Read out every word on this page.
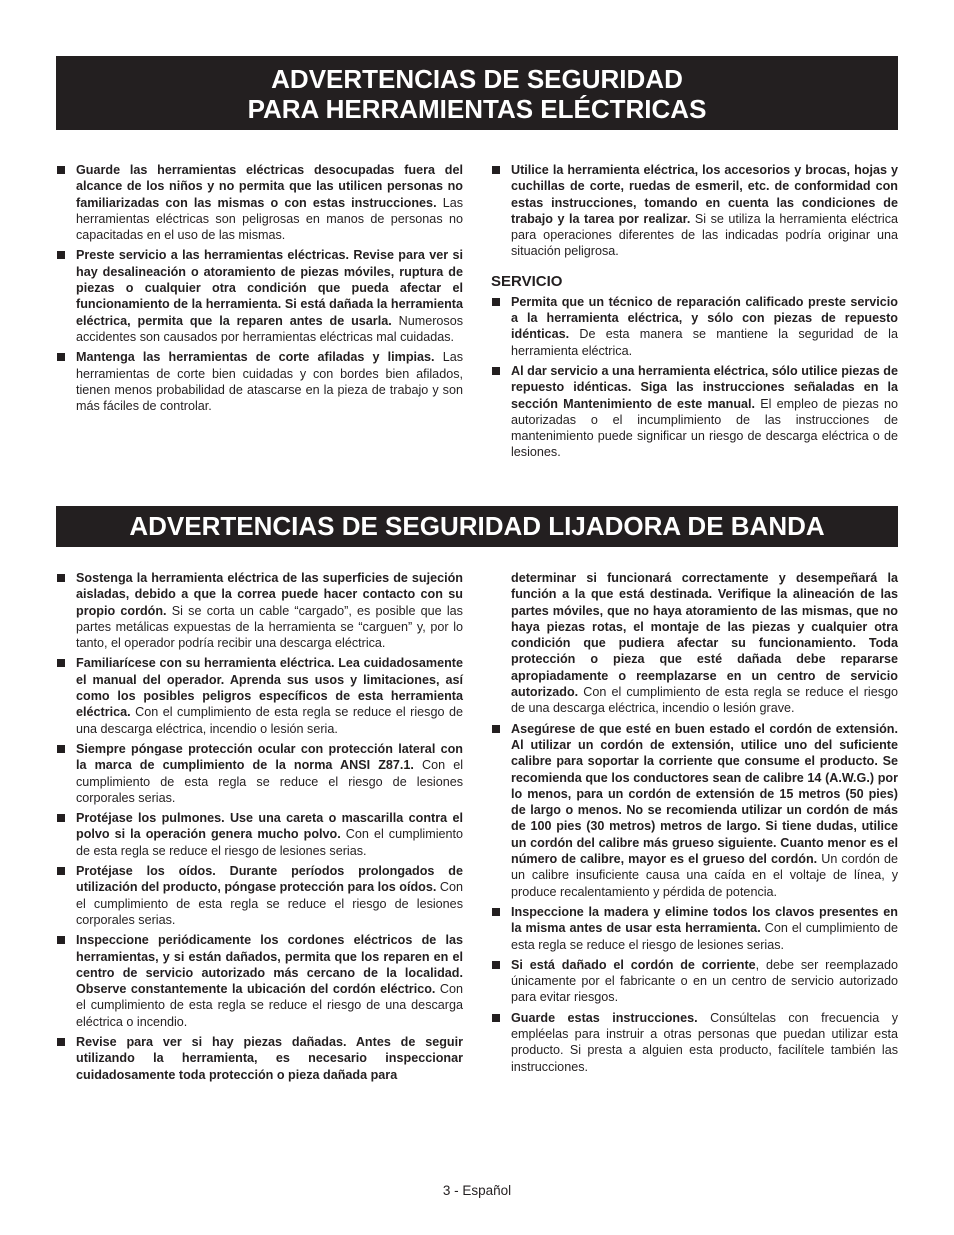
ADVERTENCIAS DE SEGURIDAD
PARA HERRAMIENTAS ELÉCTRICAS
Guarde las herramientas eléctricas desocupadas fuera del alcance de los niños y no permita que las utilicen personas no familiarizadas con las mismas o con estas instrucciones. Las herramientas eléctricas son peligrosas en manos de personas no capacitadas en el uso de las mismas.
Preste servicio a las herramientas eléctricas. Revise para ver si hay desalineación o atoramiento de piezas móviles, ruptura de piezas o cualquier otra condición que pueda afectar el funcionamiento de la herramienta. Si está dañada la herramienta eléctrica, permita que la reparen antes de usarla. Numerosos accidentes son causados por herramientas eléctricas mal cuidadas.
Mantenga las herramientas de corte afiladas y limpias. Las herramientas de corte bien cuidadas y con bordes bien afilados, tienen menos probabilidad de atascarse en la pieza de trabajo y son más fáciles de controlar.
Utilice la herramienta eléctrica, los accesorios y brocas, hojas y cuchillas de corte, ruedas de esmeril, etc. de conformidad con estas instrucciones, tomando en cuenta las condiciones de trabajo y la tarea por realizar. Si se utiliza la herramienta eléctrica para operaciones diferentes de las indicadas podría originar una situación peligrosa.
SERVICIO
Permita que un técnico de reparación calificado preste servicio a la herramienta eléctrica, y sólo con piezas de repuesto idénticas. De esta manera se mantiene la seguridad de la herramienta eléctrica.
Al dar servicio a una herramienta eléctrica, sólo utilice piezas de repuesto idénticas. Siga las instrucciones señaladas en la sección Mantenimiento de este manual. El empleo de piezas no autorizadas o el incumplimiento de las instrucciones de mantenimiento puede significar un riesgo de descarga eléctrica o de lesiones.
ADVERTENCIAS DE SEGURIDAD LIJADORA DE BANDA
Sostenga la herramienta eléctrica de las superficies de sujeción aisladas, debido a que la correa puede hacer contacto con su propio cordón. Si se corta un cable “cargado”, es posible que las partes metálicas expuestas de la herramienta se “carguen” y, por lo tanto, el operador podría recibir una descarga eléctrica.
Familiarícese con su herramienta eléctrica. Lea cuidadosamente el manual del operador. Aprenda sus usos y limitaciones, así como los posibles peligros específicos de esta herramienta eléctrica. Con el cumplimiento de esta regla se reduce el riesgo de una descarga eléctrica, incendio o lesión seria.
Siempre póngase protección ocular con protección lateral con la marca de cumplimiento de la norma ANSI Z87.1. Con el cumplimiento de esta regla se reduce el riesgo de lesiones corporales serias.
Protéjase los pulmones. Use una careta o mascarilla contra el polvo si la operación genera mucho polvo. Con el cumplimiento de esta regla se reduce el riesgo de lesiones serias.
Protéjase los oídos. Durante períodos prolongados de utilización del producto, póngase protección para los oídos. Con el cumplimiento de esta regla se reduce el riesgo de lesiones corporales serias.
Inspeccione periódicamente los cordones eléctricos de las herramientas, y si están dañados, permita que los reparen en el centro de servicio autorizado más cercano de la localidad. Observe constantemente la ubicación del cordón eléctrico. Con el cumplimiento de esta regla se reduce el riesgo de una descarga eléctrica o incendio.
Revise para ver si hay piezas dañadas. Antes de seguir utilizando la herramienta, es necesario inspeccionar cuidadosamente toda protección o pieza dañada para
determinar si funcionará correctamente y desempeñará la función a la que está destinada. Verifique la alineación de las partes móviles, que no haya atoramiento de las mismas, que no haya piezas rotas, el montaje de las piezas y cualquier otra condición que pudiera afectar su funcionamiento. Toda protección o pieza que esté dañada debe repararse apropiadamente o reemplazarse en un centro de servicio autorizado. Con el cumplimiento de esta regla se reduce el riesgo de una descarga eléctrica, incendio o lesión grave.
Asegúrese de que esté en buen estado el cordón de extensión. Al utilizar un cordón de extensión, utilice uno del suficiente calibre para soportar la corriente que consume el producto. Se recomienda que los conductores sean de calibre 14 (A.W.G.) por lo menos, para un cordón de extensión de 15 metros (50 pies) de largo o menos. No se recomienda utilizar un cordón de más de 100 pies (30 metros) metros de largo. Si tiene dudas, utilice un cordón del calibre más grueso siguiente. Cuanto menor es el número de calibre, mayor es el grueso del cordón. Un cordón de un calibre insuficiente causa una caída en el voltaje de línea, y produce recalentamiento y pérdida de potencia.
Inspeccione la madera y elimine todos los clavos presentes en la misma antes de usar esta herramienta. Con el cumplimiento de esta regla se reduce el riesgo de lesiones serias.
Si está dañado el cordón de corriente, debe ser reemplazado únicamente por el fabricante o en un centro de servicio autorizado para evitar riesgos.
Guarde estas instrucciones. Consúltelas con frecuencia y empléelas para instruir a otras personas que puedan utilizar esta producto. Si presta a alguien esta producto, facilítele también las instrucciones.
3 - Español
